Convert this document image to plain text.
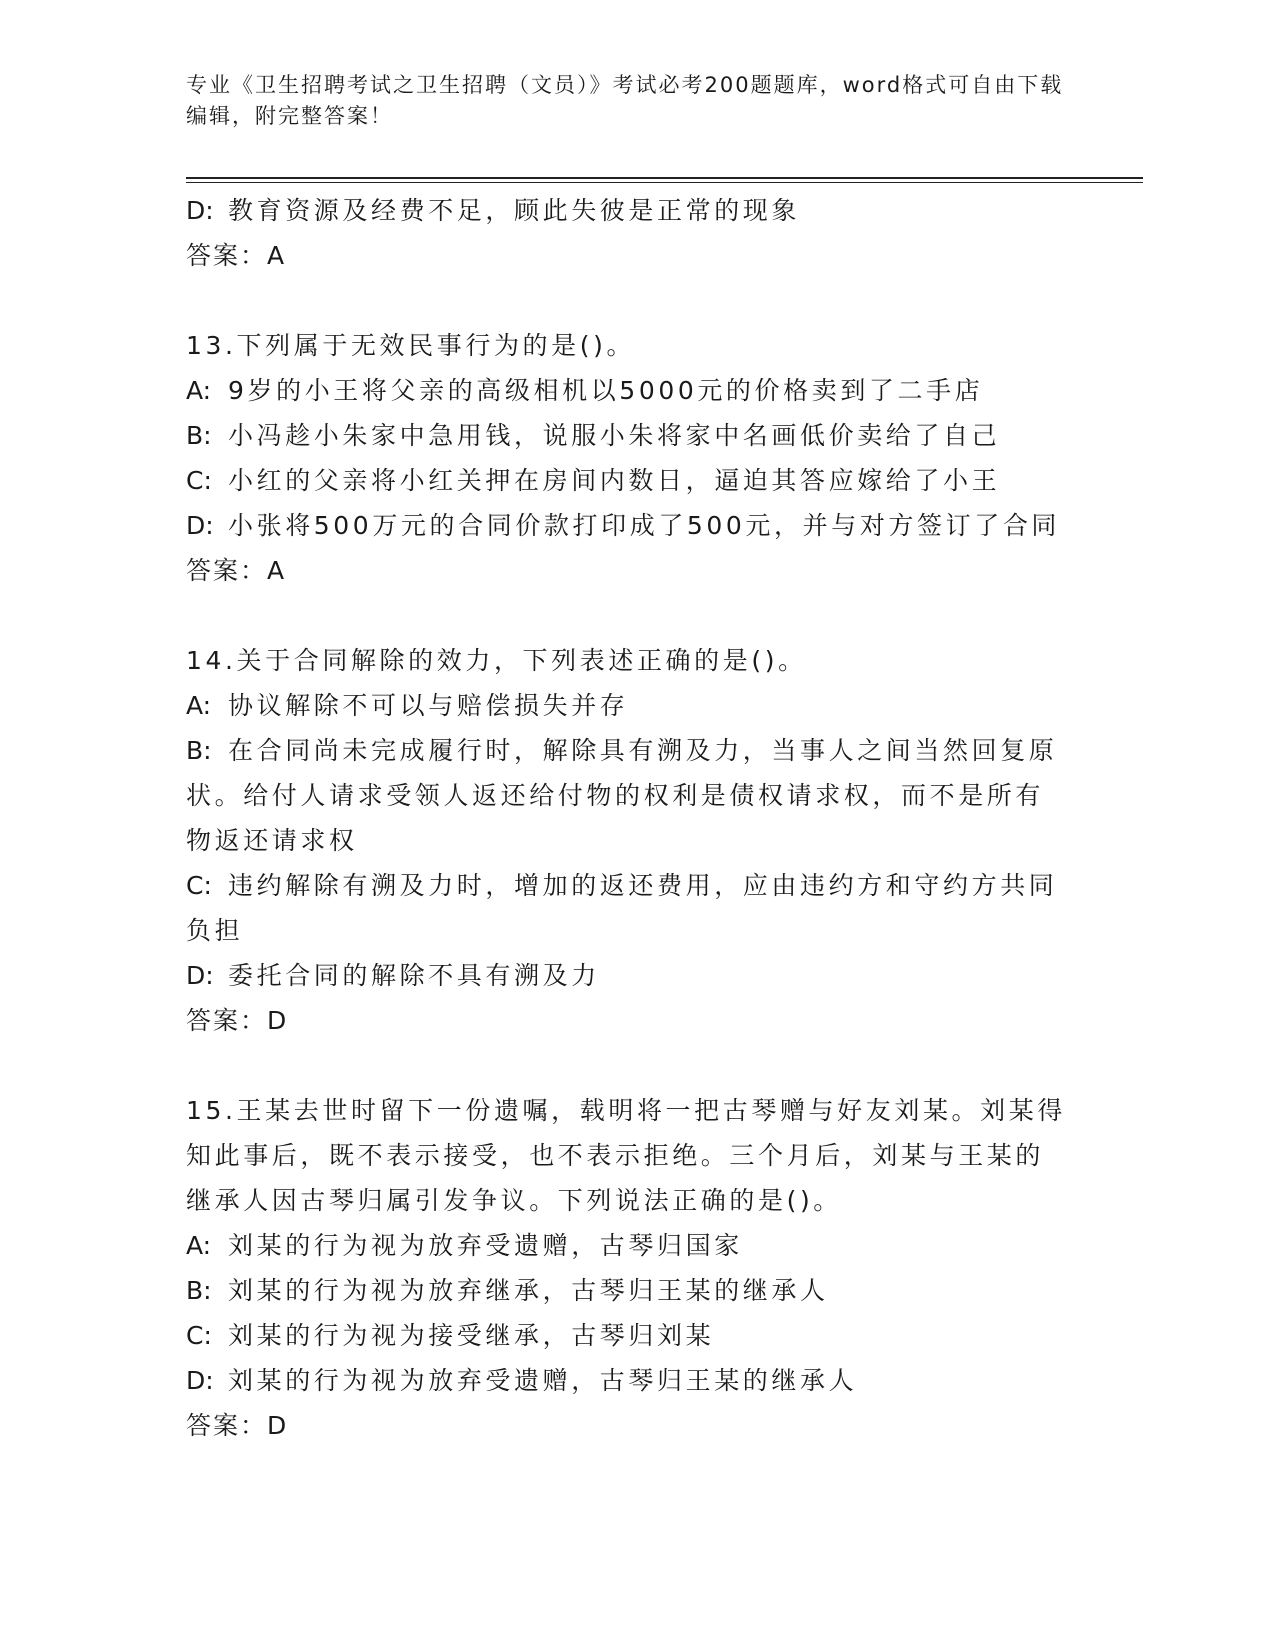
专业《卫生招聘考试之卫生招聘（文员）》考试必考200题题库，word格式可自由下载编辑，附完整答案！

D: 教育资源及经费不足，顾此失彼是正常的现象

答案：A

13.下列属于无效民事行为的是()。

A: 9岁的小王将父亲的高级相机以5000元的价格卖到了二手店

B: 小冯趁小朱家中急用钱，说服小朱将家中名画低价卖给了自己

C: 小红的父亲将小红关押在房间内数日，逼迫其答应嫁给了小王

D: 小张将500万元的合同价款打印成了500元，并与对方签订了合同

答案：A

14.关于合同解除的效力，下列表述正确的是()。

A: 协议解除不可以与赔偿损失并存

B: 在合同尚未完成履行时，解除具有溯及力，当事人之间当然回复原状。给付人请求受领人返还给付物的权利是债权请求权，而不是所有物返还请求权

C: 违约解除有溯及力时，增加的返还费用，应由违约方和守约方共同负担

D: 委托合同的解除不具有溯及力

答案：D

15.王某去世时留下一份遗嘱，载明将一把古琴赠与好友刘某。刘某得知此事后，既不表示接受，也不表示拒绝。三个月后，刘某与王某的继承人因古琴归属引发争议。下列说法正确的是()。

A: 刘某的行为视为放弃受遗赠，古琴归国家

B: 刘某的行为视为放弃继承，古琴归王某的继承人

C: 刘某的行为视为接受继承，古琴归刘某

D: 刘某的行为视为放弃受遗赠，古琴归王某的继承人

答案：D
